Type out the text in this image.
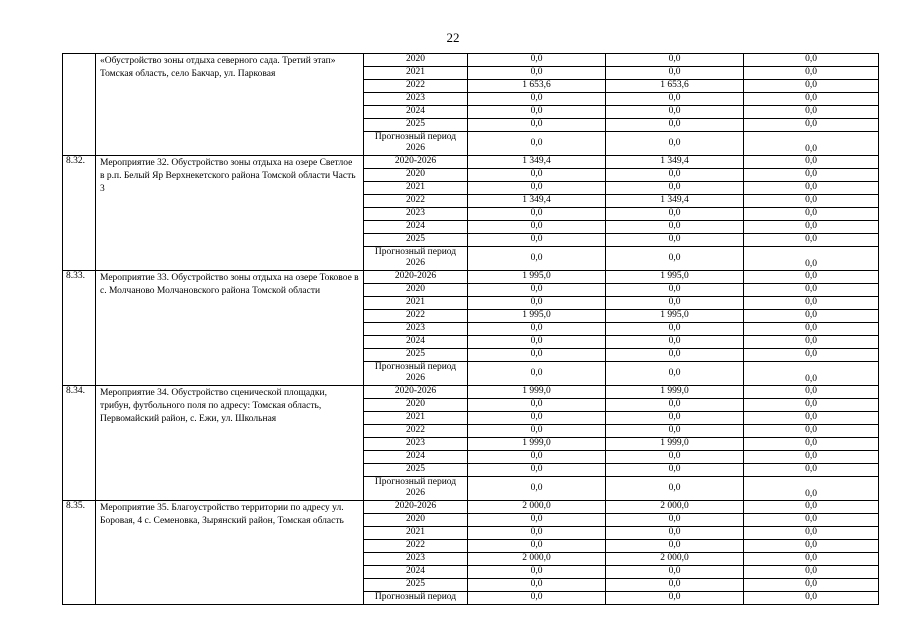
22
	«Обустройство зоны отдыха северного сада. Третий этап» Томская область, село Бакчар, ул. Парковая	2020	0,0	0,0	0,0
		2021	0,0	0,0	0,0
		2022	1 653,6	1 653,6	0,0
		2023	0,0	0,0	0,0
		2024	0,0	0,0	0,0
		2025	0,0	0,0	0,0
		Прогнозный период 2026	0,0	0,0	0,0
8.32.	Мероприятие 32. Обустройство зоны отдыха на озере Светлое в р.п. Белый Яр Верхнекетского района Томской области Часть 3	2020-2026	1 349,4	1 349,4	0,0
		2020	0,0	0,0	0,0
		2021	0,0	0,0	0,0
		2022	1 349,4	1 349,4	0,0
		2023	0,0	0,0	0,0
		2024	0,0	0,0	0,0
		2025	0,0	0,0	0,0
		Прогнозный период 2026	0,0	0,0	0,0
8.33.	Мероприятие 33. Обустройство зоны отдыха на озере Токовое в с. Молчаново Молчановского района Томской области	2020-2026	1 995,0	1 995,0	0,0
		2020	0,0	0,0	0,0
		2021	0,0	0,0	0,0
		2022	1 995,0	1 995,0	0,0
		2023	0,0	0,0	0,0
		2024	0,0	0,0	0,0
		2025	0,0	0,0	0,0
		Прогнозный период 2026	0,0	0,0	0,0
8.34.	Мероприятие 34. Обустройство сценической площадки, трибун, футбольного поля по адресу: Томская область, Первомайский район, с. Ежи, ул. Школьная	2020-2026	1 999,0	1 999,0	0,0
		2020	0,0	0,0	0,0
		2021	0,0	0,0	0,0
		2022	0,0	0,0	0,0
		2023	1 999,0	1 999,0	0,0
		2024	0,0	0,0	0,0
		2025	0,0	0,0	0,0
		Прогнозный период 2026	0,0	0,0	0,0
8.35.	Мероприятие 35. Благоустройство территории по адресу ул. Боровая, 4 с. Семеновка, Зырянский район, Томская область	2020-2026	2 000,0	2 000,0	0,0
		2020	0,0	0,0	0,0
		2021	0,0	0,0	0,0
		2022	0,0	0,0	0,0
		2023	2 000,0	2 000,0	0,0
		2024	0,0	0,0	0,0
		2025	0,0	0,0	0,0
		Прогнозный период	0,0	0,0	0,0
